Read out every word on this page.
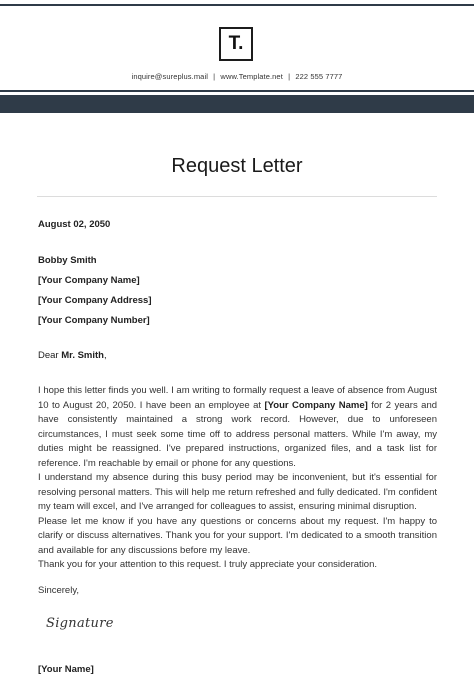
T.
inquire@sureplus.mail | www.Template.net | 222 555 7777
Request Letter
August 02, 2050
Bobby Smith
[Your Company Name]
[Your Company Address]
[Your Company Number]
Dear Mr. Smith,

I hope this letter finds you well. I am writing to formally request a leave of absence from August 10 to August 20, 2050. I have been an employee at [Your Company Name] for 2 years and have consistently maintained a strong work record. However, due to unforeseen circumstances, I must seek some time off to address personal matters. While I'm away, my duties might be reassigned. I've prepared instructions, organized files, and a task list for reference. I'm reachable by email or phone for any questions.

I understand my absence during this busy period may be inconvenient, but it's essential for resolving personal matters. This will help me return refreshed and fully dedicated. I'm confident my team will excel, and I've arranged for colleagues to assist, ensuring minimal disruption.

Please let me know if you have any questions or concerns about my request. I'm happy to clarify or discuss alternatives. Thank you for your support. I'm dedicated to a smooth transition and available for any discussions before my leave.

Thank you for your attention to this request. I truly appreciate your consideration.

Sincerely,
Signature
[Your Name]
